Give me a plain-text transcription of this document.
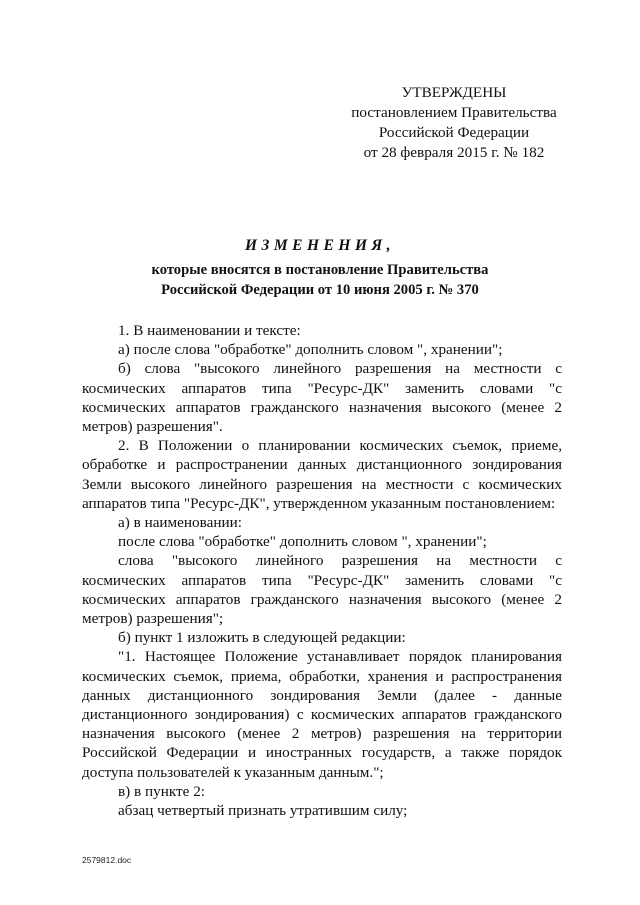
УТВЕРЖДЕНЫ
постановлением Правительства
Российской Федерации
от 28 февраля 2015 г. № 182
ИЗМЕНЕНИЯ,
которые вносятся в постановление Правительства
Российской Федерации от 10 июня 2005 г. № 370

1. В наименовании и тексте:

а) после слова "обработке" дополнить словом ", хранении";

б) слова "высокого линейного разрешения на местности с космических аппаратов типа "Ресурс-ДК" заменить словами "с космических аппаратов гражданского назначения высокого (менее 2 метров) разрешения".

2. В Положении о планировании космических съемок, приеме, обработке и распространении данных дистанционного зондирования Земли высокого линейного разрешения на местности с космических аппаратов типа "Ресурс-ДК", утвержденном указанным постановлением:

а) в наименовании:

после слова "обработке" дополнить словом ", хранении";

слова "высокого линейного разрешения на местности с космических аппаратов типа "Ресурс-ДК" заменить словами "с космических аппаратов гражданского назначения высокого (менее 2 метров) разрешения";

б) пункт 1 изложить в следующей редакции:

"1. Настоящее Положение устанавливает порядок планирования космических съемок, приема, обработки, хранения и распространения данных дистанционного зондирования Земли (далее - данные дистанционного зондирования) с космических аппаратов гражданского назначения высокого (менее 2 метров) разрешения на территории Российской Федерации и иностранных государств, а также порядок доступа пользователей к указанным данным.";

в) в пункте 2:

абзац четвертый признать утратившим силу;

2579812.doc
